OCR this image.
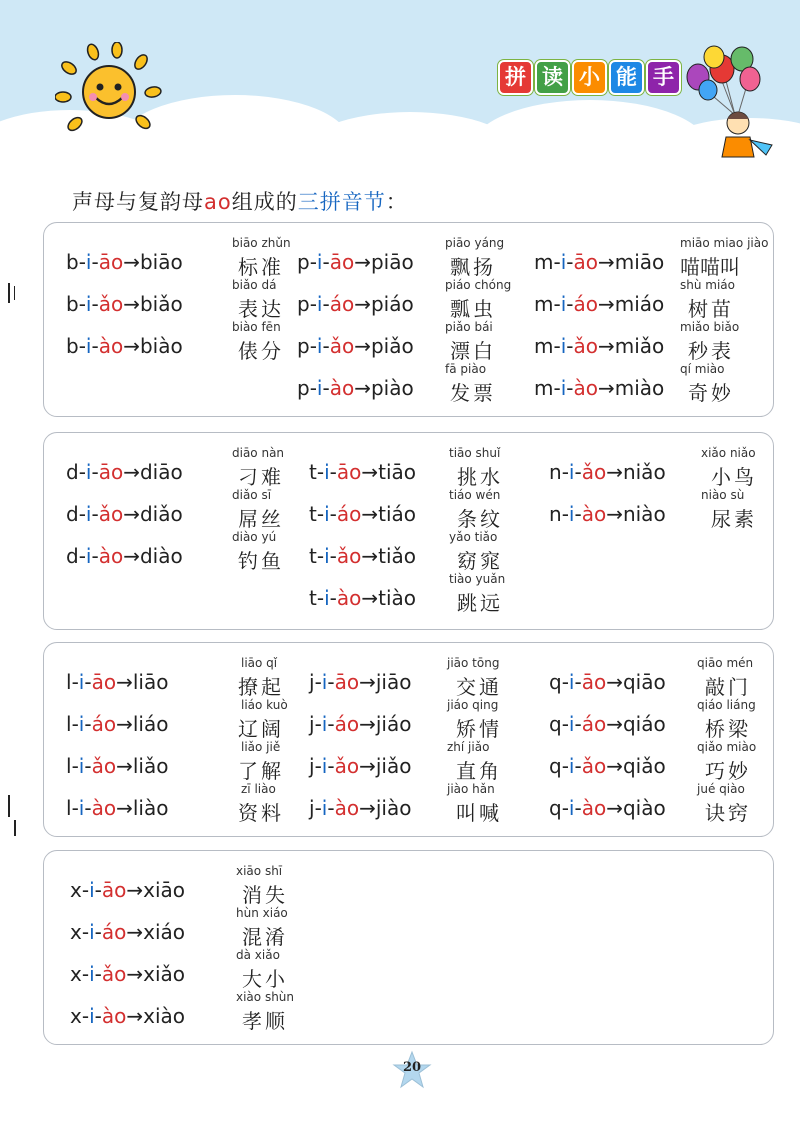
拼 读 小 能 手
声母与复韵母ao组成的三拼音节：
b-i-āo→biāo
biāo zhǔn
标准
b-i-ǎo→biǎo
biǎo dá
表达
b-i-ào→biào
biào fēn
俵分
p-i-āo→piāo
piāo yáng
飘扬
p-i-áo→piáo
piáo chóng
瓢虫
p-i-ǎo→piǎo
piǎo bái
漂白
p-i-ào→piào
fā piào
发票
m-i-āo→miāo
miāo miao jiào
喵喵叫
m-i-áo→miáo
shù miáo
树苗
m-i-ǎo→miǎo
miǎo biǎo
秒表
m-i-ào→miào
qí miào
奇妙
d-i-āo→diāo
diāo nàn
刁难
d-i-ǎo→diǎo
diǎo sī
屌丝
d-i-ào→diào
diào yú
钓鱼
t-i-āo→tiāo
tiāo shuǐ
挑水
t-i-áo→tiáo
tiáo wén
条纹
t-i-ǎo→tiǎo
yǎo tiǎo
窈窕
t-i-ào→tiào
tiào yuǎn
跳远
n-i-ǎo→niǎo
xiǎo niǎo
小鸟
n-i-ào→niào
niào sù
尿素
l-i-āo→liāo
liāo qǐ
撩起
l-i-áo→liáo
liáo kuò
辽阔
l-i-ǎo→liǎo
liǎo jiě
了解
l-i-ào→liào
zī liào
资料
j-i-āo→jiāo
jiāo tōng
交通
j-i-áo→jiáo
jiáo qing
矫情
j-i-ǎo→jiǎo
zhí jiǎo
直角
j-i-ào→jiào
jiào hǎn
叫喊
q-i-āo→qiāo
qiāo mén
敲门
q-i-áo→qiáo
qiáo liáng
桥梁
q-i-ǎo→qiǎo
qiǎo miào
巧妙
q-i-ào→qiào
jué qiào
诀窍
x-i-āo→xiāo
xiāo shī
消失
x-i-áo→xiáo
hùn xiáo
混淆
x-i-ǎo→xiǎo
dà xiǎo
大小
x-i-ào→xiào
xiào shùn
孝顺
20
